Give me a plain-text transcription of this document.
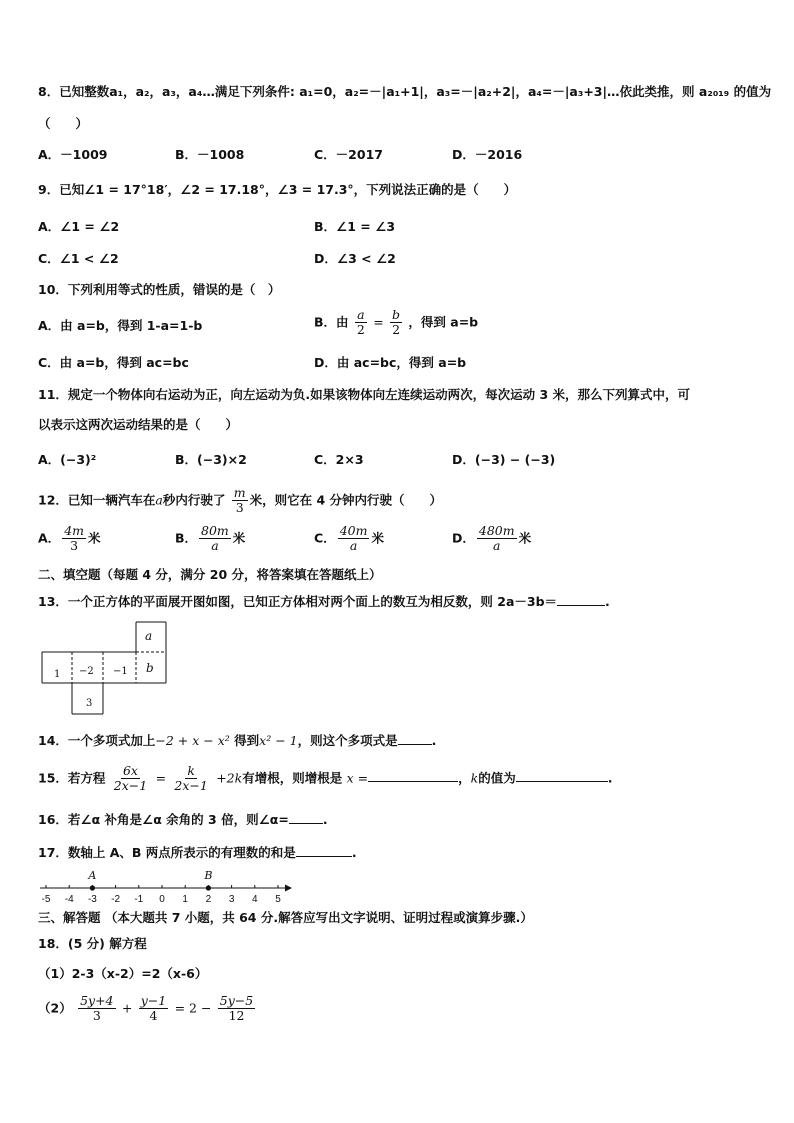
8．已知整数a₁，a₂，a₃，a₄…满足下列条件: a₁=0，a₂=－|a₁+1|，a₃=－|a₂+2|，a₄=－|a₃+3|…依此类推，则 a₂₀₁₉ 的值为
（　　）
A．－1009	B．－1008	C．－2017	D．－2016
9．已知∠1 = 17°18′，∠2 = 17.18°，∠3 = 17.3°，下列说法正确的是（　　）
A．∠1 = ∠2	B．∠1 = ∠3
C．∠1 < ∠2	D．∠3 < ∠2
10．下列利用等式的性质，错误的是（　）
A．由 a=b，得到 1-a=1-b	B．由 $\frac{a}{2} = \frac{b}{2}$ ，得到 a=b
C．由 a=b，得到 ac=bc	D．由 ac=bc，得到 a=b
11．规定一个物体向右运动为正，向左运动为负.如果该物体向左连续运动两次，每次运动 3 米，那么下列算式中，可
以表示这两次运动结果的是（　　）
A．(−3)²	B．(−3)×2	C．2×3	D．(−3) − (−3)
12．已知一辆汽车在a秒内行驶了 $\frac{m}{3}$ 米，则它在 4 分钟内行驶（　　）
A． $\frac{4m}{3}$ 米	B． $\frac{80m}{a}$ 米	C． $\frac{40m}{a}$ 米	D． $\frac{480m}{a}$ 米
二、填空题（每题 4 分，满分 20 分，将答案填在答题纸上）
13．一个正方体的平面展开图如图，已知正方体相对两个面上的数互为相反数，则 2a－3b＝	.
a
b
1 −2 −1
3
14．一个多项式加上−2 + x − x² 得到x² − 1，则这个多项式是	.
15．若方程 $\frac{6x}{2x-1} = \frac{k}{2x-1} +2k$有增根，则增根是 x =	，k的值为	.
16．若∠α 补角是∠α 余角的 3 倍，则∠α=	.
17．数轴上 A、B 两点所表示的有理数的和是	.
-5 -4 -3 -2 -1 0 1 2 3 4 5
A	B
三、解答题 （本大题共 7 小题，共 64 分.解答应写出文字说明、证明过程或演算步骤.）
18．(5 分) 解方程
（1）2-3（x-2）=2（x-6）
$(2) \frac{5y+4}{3} + \frac{y-1}{4} = 2 - \frac{5y-5}{12}$
